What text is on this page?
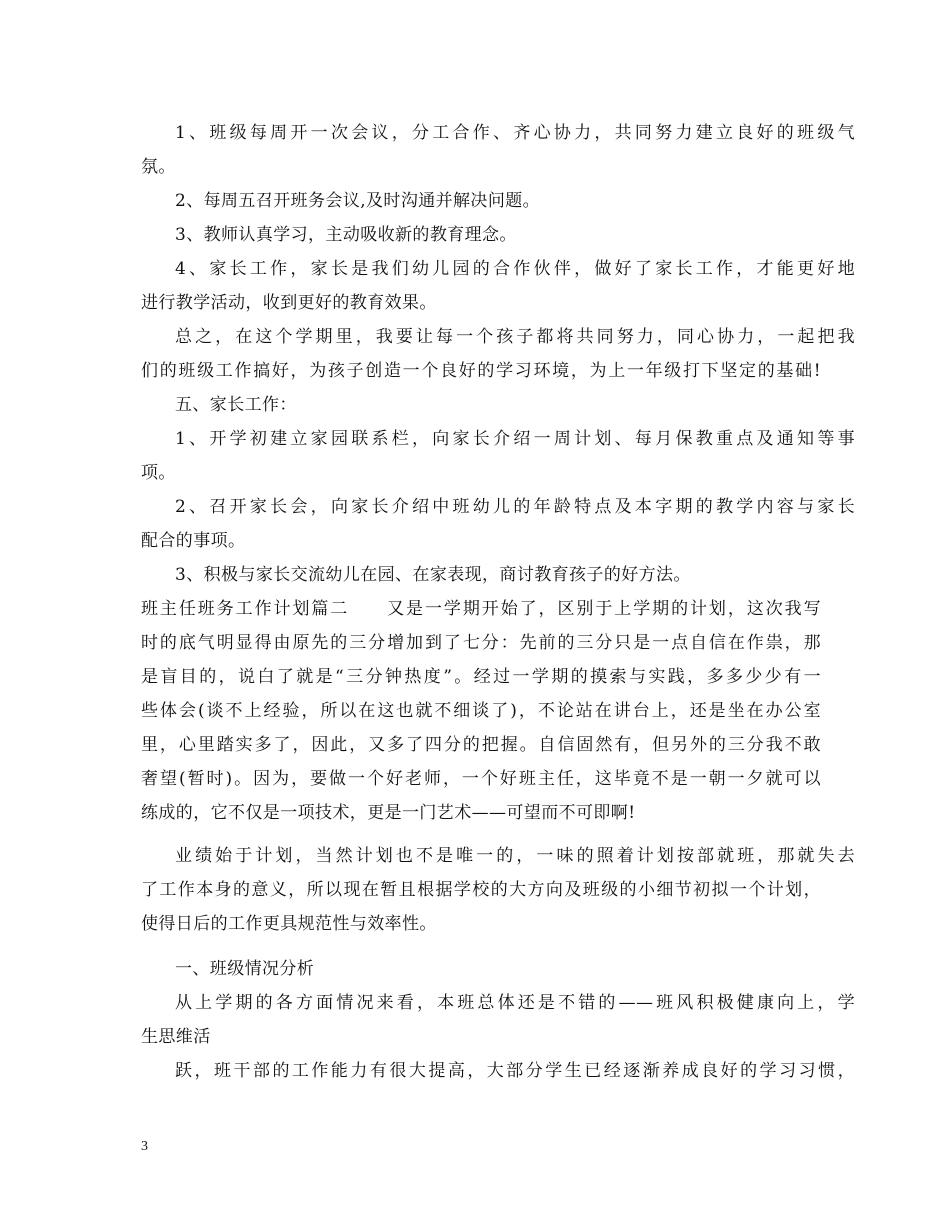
1、班级每周开一次会议，分工合作、齐心协力，共同努力建立良好的班级气
氛。
2、每周五召开班务会议,及时沟通并解决问题。
3、教师认真学习，主动吸收新的教育理念。
4、家长工作，家长是我们幼儿园的合作伙伴，做好了家长工作，才能更好地
进行教学活动，收到更好的教育效果。
总之，在这个学期里，我要让每一个孩子都将共同努力，同心协力，一起把我
们的班级工作搞好，为孩子创造一个良好的学习环境，为上一年级打下坚定的基础!
五、家长工作：
1、开学初建立家园联系栏，向家长介绍一周计划、每月保教重点及通知等事
项。
2、召开家长会，向家长介绍中班幼儿的年龄特点及本字期的教学内容与家长
配合的事项。
3、积极与家长交流幼儿在园、在家表现，商讨教育孩子的好方法。
班主任班务工作计划篇二　　又是一学期开始了，区别于上学期的计划，这次我写
时的底气明显得由原先的三分增加到了七分：先前的三分只是一点自信在作祟，那
是盲目的，说白了就是“三分钟热度”。经过一学期的摸索与实践，多多少少有一
些体会(谈不上经验，所以在这也就不细谈了)，不论站在讲台上，还是坐在办公室
里，心里踏实多了，因此，又多了四分的把握。自信固然有，但另外的三分我不敢
奢望(暂时)。因为，要做一个好老师，一个好班主任，这毕竟不是一朝一夕就可以
练成的，它不仅是一项技术，更是一门艺术——可望而不可即啊!
业绩始于计划，当然计划也不是唯一的，一味的照着计划按部就班，那就失去
了工作本身的意义，所以现在暂且根据学校的大方向及班级的小细节初拟一个计划，
使得日后的工作更具规范性与效率性。
一、班级情况分析
从上学期的各方面情况来看，本班总体还是不错的——班风积极健康向上，学
生思维活
跃，班干部的工作能力有很大提高，大部分学生已经逐渐养成良好的学习习惯，
3
